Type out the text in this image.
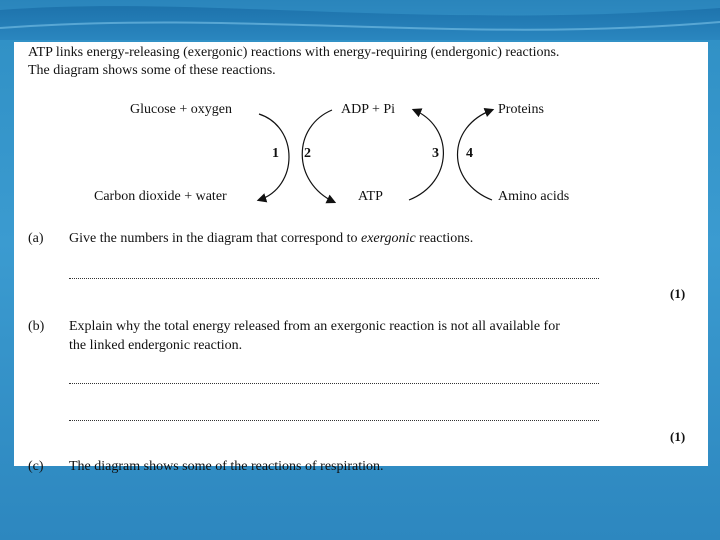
ATP links energy-releasing (exergonic) reactions with energy-requiring (endergonic) reactions.
The diagram shows some of these reactions.
Glucose + oxygen
Carbon dioxide + water
ADP + Pi
ATP
Proteins
Amino acids
1 2	3 4
(a) Give the numbers in the diagram that correspond to exergonic reactions.
(1)
(b) Explain why the total energy released from an exergonic reaction is not all available for
the linked endergonic reaction.
(1)
(c) The diagram shows some of the reactions of respiration.
